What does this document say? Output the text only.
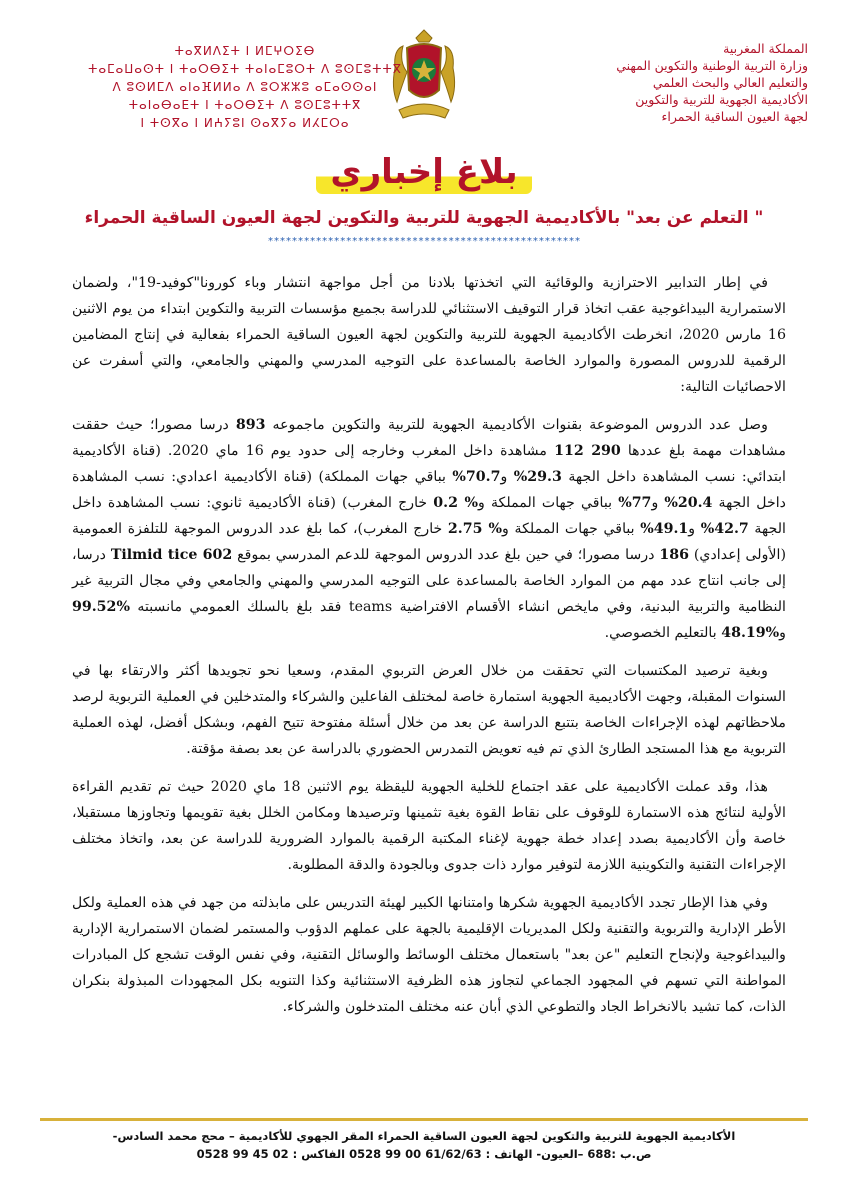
المملكة المغربية
وزارة التربية الوطنية والتكوين المهني
والتعليم العالي والبحث العلمي
الأكاديمية الجهوية للتربية والتكوين
لجهة العيون الساقية الحمراء
ⵜⴰⴳⵍⴷⵉⵜ ⵏ ⵍⵎⵖⵔⵉⴱ
ⵜⴰⵎⴰⵡⴰⵙⵜ ⵏ ⵜⴰⵔⴱⵉⵜ ⵜⴰⵏⴰⵎⵓⵔⵜ ⴷ ⵓⵙⵎⵓⵜⵜⴳ
ⴷ ⵓⵙⵍⵎⴷ ⴰⵏⴰⴼⵍⵍⴰ ⴷ ⵓⵔⵣⵣⵓ ⴰⵎⴰⵙⵙⴰⵏ
ⵜⴰⵏⴰⴱⴰⴹⵜ ⵏ ⵜⴰⵔⴱⵉⵜ ⴷ ⵓⵙⵎⵓⵜⵜⴳ
ⵏ ⵜⵙⴳⴰ ⵏ ⵍⵄⵢⵓⵏ ⵙⴰⴳⵢⴰ ⵍⵃⵎⵔⴰ
بلاغ إخباري
" التعلم عن بعد" بالأكاديمية الجهوية للتربية والتكوين لجهة العيون الساقية الحمراء
****************************************************

في إطار التدابير الاحترازية والوقائية التي اتخذتها بلادنا من أجل مواجهة انتشار وباء كورونا"كوفيد-19"، ولضمان الاستمرارية البيداغوجية عقب اتخاذ قرار التوقيف الاستثنائي للدراسة بجميع مؤسسات التربية والتكوين ابتداء من يوم الاثنين 16 مارس 2020، انخرطت الأكاديمية الجهوية للتربية والتكوين لجهة العيون الساقية الحمراء بفعالية في إنتاج المضامين الرقمية للدروس المصورة والموارد الخاصة بالمساعدة على التوجيه المدرسي والمهني والجامعي، والتي أسفرت عن الاحصائيات التالية:

وصل عدد الدروس الموضوعة بقنوات الأكاديمية الجهوية للتربية والتكوين ماجموعه 893 درسا مصورا؛ حيث حققت مشاهدات مهمة بلغ عددها 290 112 مشاهدة داخل المغرب وخارجه إلى حدود يوم 16 ماي 2020. (قناة الأكاديمية ابتدائي: نسب المشاهدة داخل الجهة 29.3% و70.7% بباقي جهات المملكة) (قناة الأكاديمية اعدادي: نسب المشاهدة داخل الجهة 20.4% و77% بباقي جهات المملكة و% 0.2 خارج المغرب) (قناة الأكاديمية ثانوي: نسب المشاهدة داخل الجهة 42.7% و49.1% بباقي جهات المملكة و% 2.75 خارج المغرب)، كما بلغ عدد الدروس الموجهة للتلفزة العمومية (الأولى إعدادي) 186 درسا مصورا؛ في حين بلغ عدد الدروس الموجهة للدعم المدرسي بموقع Tilmid tice 602 درسا، إلى جانب انتاج عدد مهم من الموارد الخاصة بالمساعدة على التوجيه المدرسي والمهني والجامعي وفي مجال التربية غير النظامية والتربية البدنية، وفي مايخص انشاء الأقسام الافتراضية teams فقد بلغ بالسلك العمومي مانسبته %99.52 و%48.19 بالتعليم الخصوصي.

وبغية ترصيد المكتسبات التي تحققت من خلال العرض التربوي المقدم، وسعيا نحو تجويدها أكثر والارتقاء بها في السنوات المقبلة، وجهت الأكاديمية الجهوية استمارة خاصة لمختلف الفاعلين والشركاء والمتدخلين في العملية التربوية لرصد ملاحظاتهم لهذه الإجراءات الخاصة بتتبع الدراسة عن بعد من خلال أسئلة مفتوحة تتيح الفهم، وبشكل أفضل، لهذه العملية التربوية مع هذا المستجد الطارئ الذي تم فيه تعويض التمدرس الحضوري بالدراسة عن بعد بصفة مؤقتة.

هذا، وقد عملت الأكاديمية على عقد اجتماع للخلية الجهوية لليقظة يوم الاثنين 18 ماي 2020 حيث تم تقديم القراءة الأولية لنتائج هذه الاستمارة للوقوف على نقاط القوة بغية تثمينها وترصيدها ومكامن الخلل بغية تقويمها وتجاوزها مستقبلا، خاصة وأن الأكاديمية بصدد إعداد خطة جهوية لإغناء المكتبة الرقمية بالموارد الضرورية للدراسة عن بعد، واتخاذ مختلف الإجراءات التقنية والتكوينية اللازمة لتوفير موارد ذات جدوى وبالجودة والدقة المطلوبة.

وفي هذا الإطار تجدد الأكاديمية الجهوية شكرها وامتنانها الكبير لهيئة التدريس على مابذلته من جهد في هذه العملية ولكل الأطر الإدارية والتربوية والتقنية ولكل المديريات الإقليمية بالجهة على عملهم الدؤوب والمستمر لضمان الاستمرارية الإدارية والبيداغوجية ولإنجاح التعليم "عن بعد" باستعمال مختلف الوسائط والوسائل التقنية، وفي نفس الوقت تشجع كل المبادرات المواطنة التي تسهم في المجهود الجماعي لتجاوز هذه الظرفية الاستثنائية وكذا التنويه بكل المجهودات المبذولة بنكران الذات، كما تشيد بالانخراط الجاد والتطوعي الذي أبان عنه مختلف المتدخلون والشركاء.

الأكاديمية الجهوية للتربية والتكوين لجهة العيون الساقية الحمراء المقر الجهوي للأكاديمية – محج محمد السادس-
ص.ب :688 –العيون- الهاتف : 61/62/63 00 99 0528 الفاكس : 02 45 99 0528
